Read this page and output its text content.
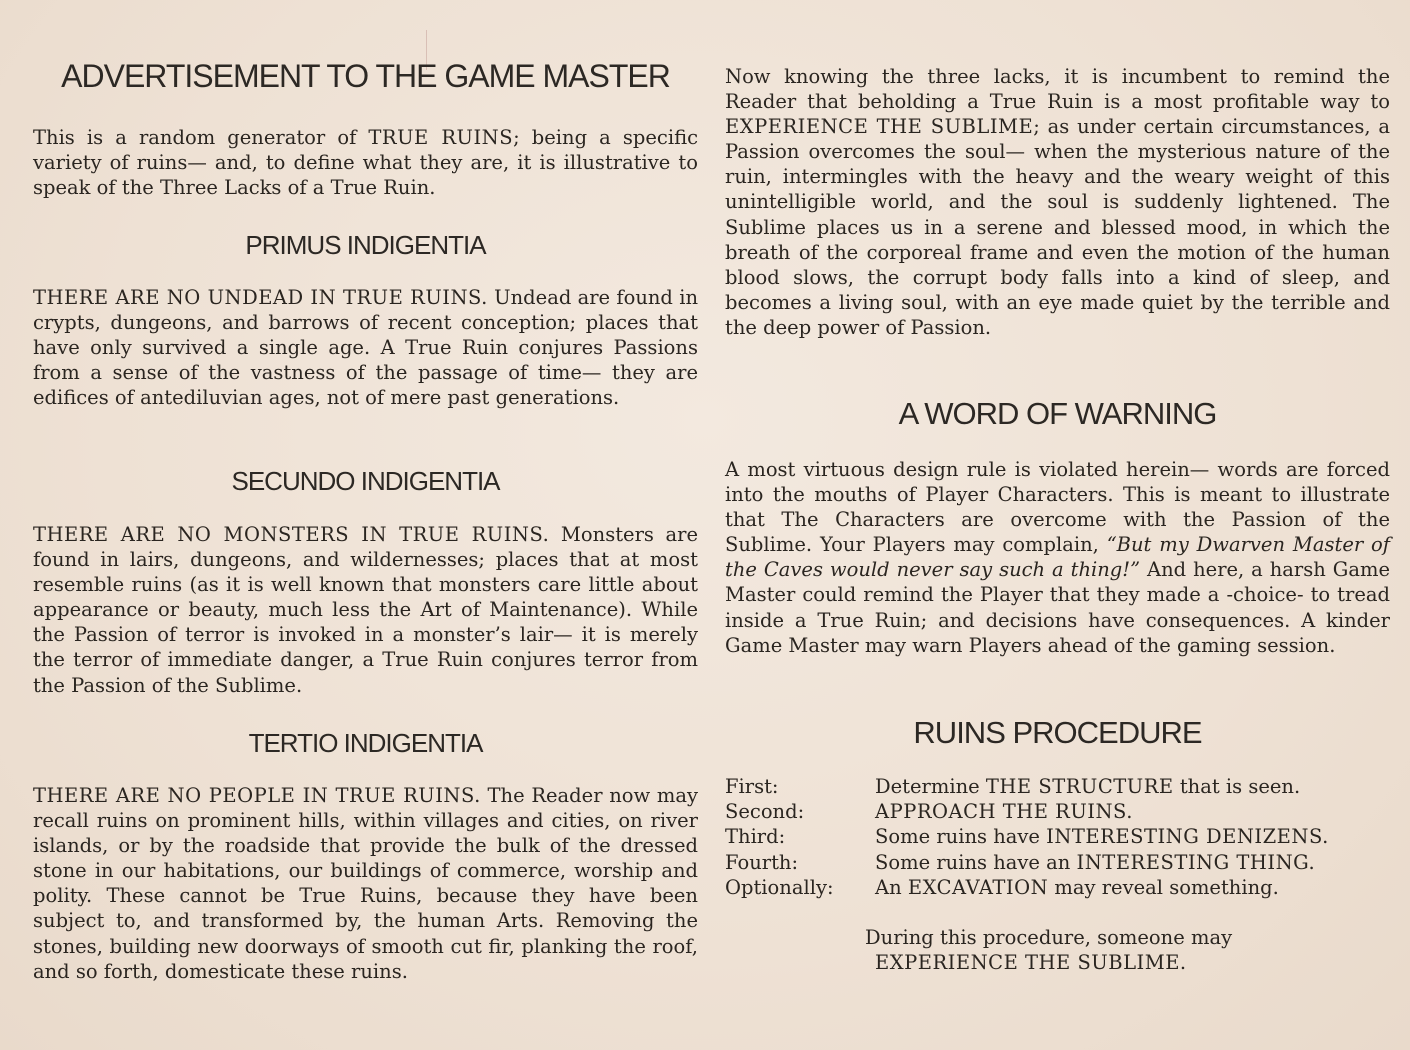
ADVERTISEMENT TO THE GAME MASTER

This is a random generator of TRUE RUINS; being a specific variety of ruins— and, to define what they are, it is illustrative to speak of the Three Lacks of a True Ruin.

PRIMUS INDIGENTIA

THERE ARE NO UNDEAD IN TRUE RUINS. Undead are found in crypts, dungeons, and barrows of recent conception; places that have only survived a single age. A True Ruin conjures Passions from a sense of the vastness of the passage of time— they are edifices of antediluvian ages, not of mere past generations.

SECUNDO INDIGENTIA

THERE ARE NO MONSTERS IN TRUE RUINS. Monsters are found in lairs, dungeons, and wildernesses; places that at most resemble ruins (as it is well known that monsters care little about appearance or beauty, much less the Art of Maintenance). While the Passion of terror is invoked in a monster’s lair— it is merely the terror of immediate danger, a True Ruin conjures terror from the Passion of the Sublime.

TERTIO INDIGENTIA

THERE ARE NO PEOPLE IN TRUE RUINS. The Reader now may recall ruins on prominent hills, within villages and cities, on river islands, or by the roadside that provide the bulk of the dressed stone in our habitations, our buildings of commerce, worship and polity. These cannot be True Ruins, because they have been subject to, and transformed by, the human Arts. Removing the stones, building new doorways of smooth cut fir, planking the roof, and so forth, domesticate these ruins.

Now knowing the three lacks, it is incumbent to remind the Reader that beholding a True Ruin is a most profitable way to EXPERIENCE THE SUBLIME; as under certain circumstances, a Passion overcomes the soul— when the mysterious nature of the ruin, intermingles with the heavy and the weary weight of this unintelligible world, and the soul is suddenly lightened. The Sublime places us in a serene and blessed mood, in which the breath of the corporeal frame and even the motion of the human blood slows, the corrupt body falls into a kind of sleep, and becomes a living soul, with an eye made quiet by the terrible and the deep power of Passion.

A WORD OF WARNING

A most virtuous design rule is violated herein— words are forced into the mouths of Player Characters. This is meant to illustrate that The Characters are overcome with the Passion of the Sublime. Your Players may complain, “But my Dwarven Master of the Caves would never say such a thing!” And here, a harsh Game Master could remind the Player that they made a -choice- to tread inside a True Ruin; and decisions have consequences. A kinder Game Master may warn Players ahead of the gaming session.

RUINS PROCEDURE
First:	Determine THE STRUCTURE that is seen.
Second:	APPROACH THE RUINS.
Third:	Some ruins have INTERESTING DENIZENS.
Fourth:	Some ruins have an INTERESTING THING.
Optionally:	An EXCAVATION may reveal something.
During this procedure, someone may
EXPERIENCE THE SUBLIME.
